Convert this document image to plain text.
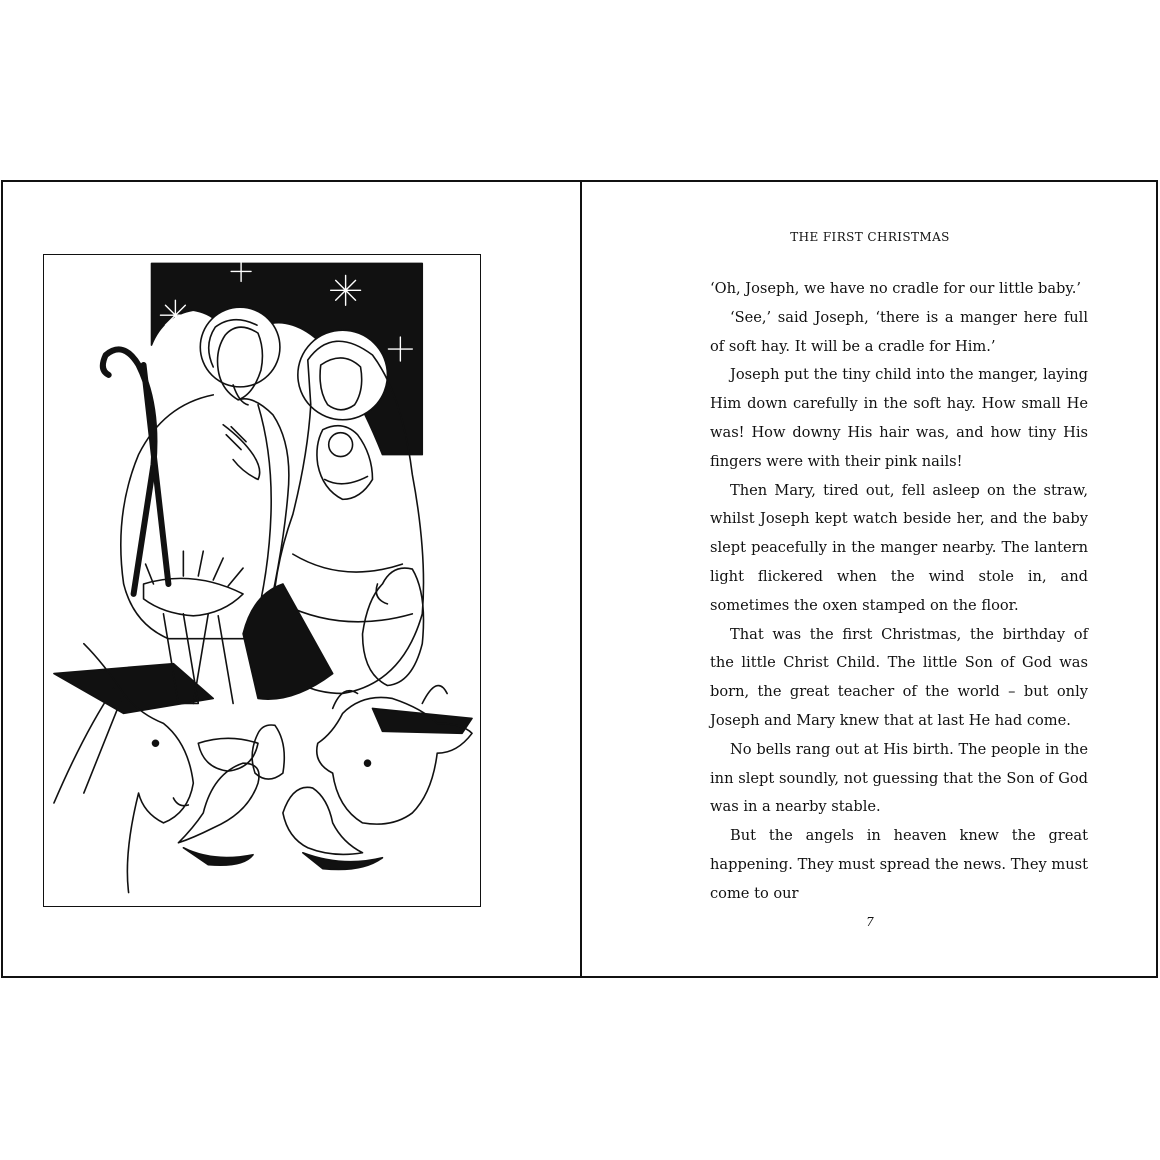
THE FIRST CHRISTMAS

‘Oh, Joseph, we have no cradle for our little baby.’

‘See,’ said Joseph, ‘there is a manger here full of soft hay. It will be a cradle for Him.’

Joseph put the tiny child into the manger, laying Him down carefully in the soft hay. How small He was! How downy His hair was, and how tiny His fingers were with their pink nails!

Then Mary, tired out, fell asleep on the straw, whilst Joseph kept watch beside her, and the baby slept peacefully in the manger nearby. The lantern light flickered when the wind stole in, and sometimes the oxen stamped on the floor.

That was the first Christmas, the birthday of the little Christ Child. The little Son of God was born, the great teacher of the world – but only Joseph and Mary knew that at last He had come.

No bells rang out at His birth. The people in the inn slept soundly, not guessing that the Son of God was in a nearby stable.

But the angels in heaven knew the great happening. They must spread the news. They must come to our

7
